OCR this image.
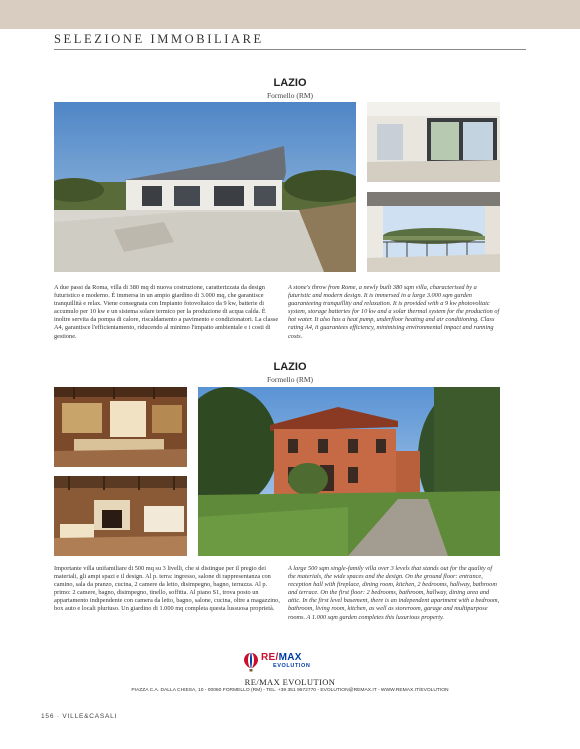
SELEZIONE IMMOBILIARE
LAZIO
Formello (RM)
A due passi da Roma, villa di 380 mq di nuova costruzione, caratterizzata da design futuristico e moderno. È immersa in un ampio giardino di 3.000 mq, che garantisce tranquillità e relax. Viene consegnata con Impianto fotovoltaico da 9 kw, batterie di accumulo per 10 kw e un sistema solare termico per la produzione di acqua calda. È inoltre servita da pompa di calore, riscaldamento a pavimento e condizionatori. La classe A4, garantisce l'efficientamento, riducendo al minimo l'impatto ambientale e i costi di gestione.
A stone's throw from Rome, a newly built 380 sqm villa, characterised by a futuristic and modern design. It is immersed in a large 3.000 sqm garden guaranteeing tranquillity and relaxation. It is provided with a 9 kw photovoltaic system, storage batteries for 10 kw and a solar thermal system for the production of hot water. It also has a heat pump, underfloor heating and air conditioning. Class rating A4, it guarantees efficiency, minimising environmental impact and running costs.
LAZIO
Formello (RM)
Importante villa unifamiliare di 500 mq su 3 livelli, che si distingue per il pregio dei materiali, gli ampi spazi e il design. Al p. terra: ingresso, salone di rappresentanza con camino, sala da pranzo, cucina, 2 camere da letto, disimpegno, bagno, terrazza. Al p. primo: 2 camere, bagno, disimpegno, tinello, soffitta. Al piano S1, trova posto un appartamento indipendente con camera da letto, bagno, salone, cucina, oltre a magazzino, box auto e locali pluriuso. Un giardino di 1.000 mq completa questa lussuosa proprietà.
A large 500 sqm single-family villa over 3 levels that stands out for the quality of the materials, the wide spaces and the design. On the ground floor: entrance, reception hall with fireplace, dining room, kitchen, 2 bedrooms, hallway, bathroom and terrace. On the first floor: 2 bedrooms, bathroom, hallway, dining area and attic. In the first level basement, there is an independent apartment with a bedroom, bathroom, living room, kitchen, as well as storeroom, garage and multipurpose rooms. A 1.000 sqm garden completes this luxurious property.
RE/MAX
EVOLUTION
RE/MAX EVOLUTION
PIAZZA C.A. DALLA CHIESA, 10 - 00060 FORMELLO (RM) - TEL. +39 351 9672770 - EVOLUTION@REMAX.IT - WWW.REMAX.IT/EVOLUTION
156 · VILLE&CASALI
